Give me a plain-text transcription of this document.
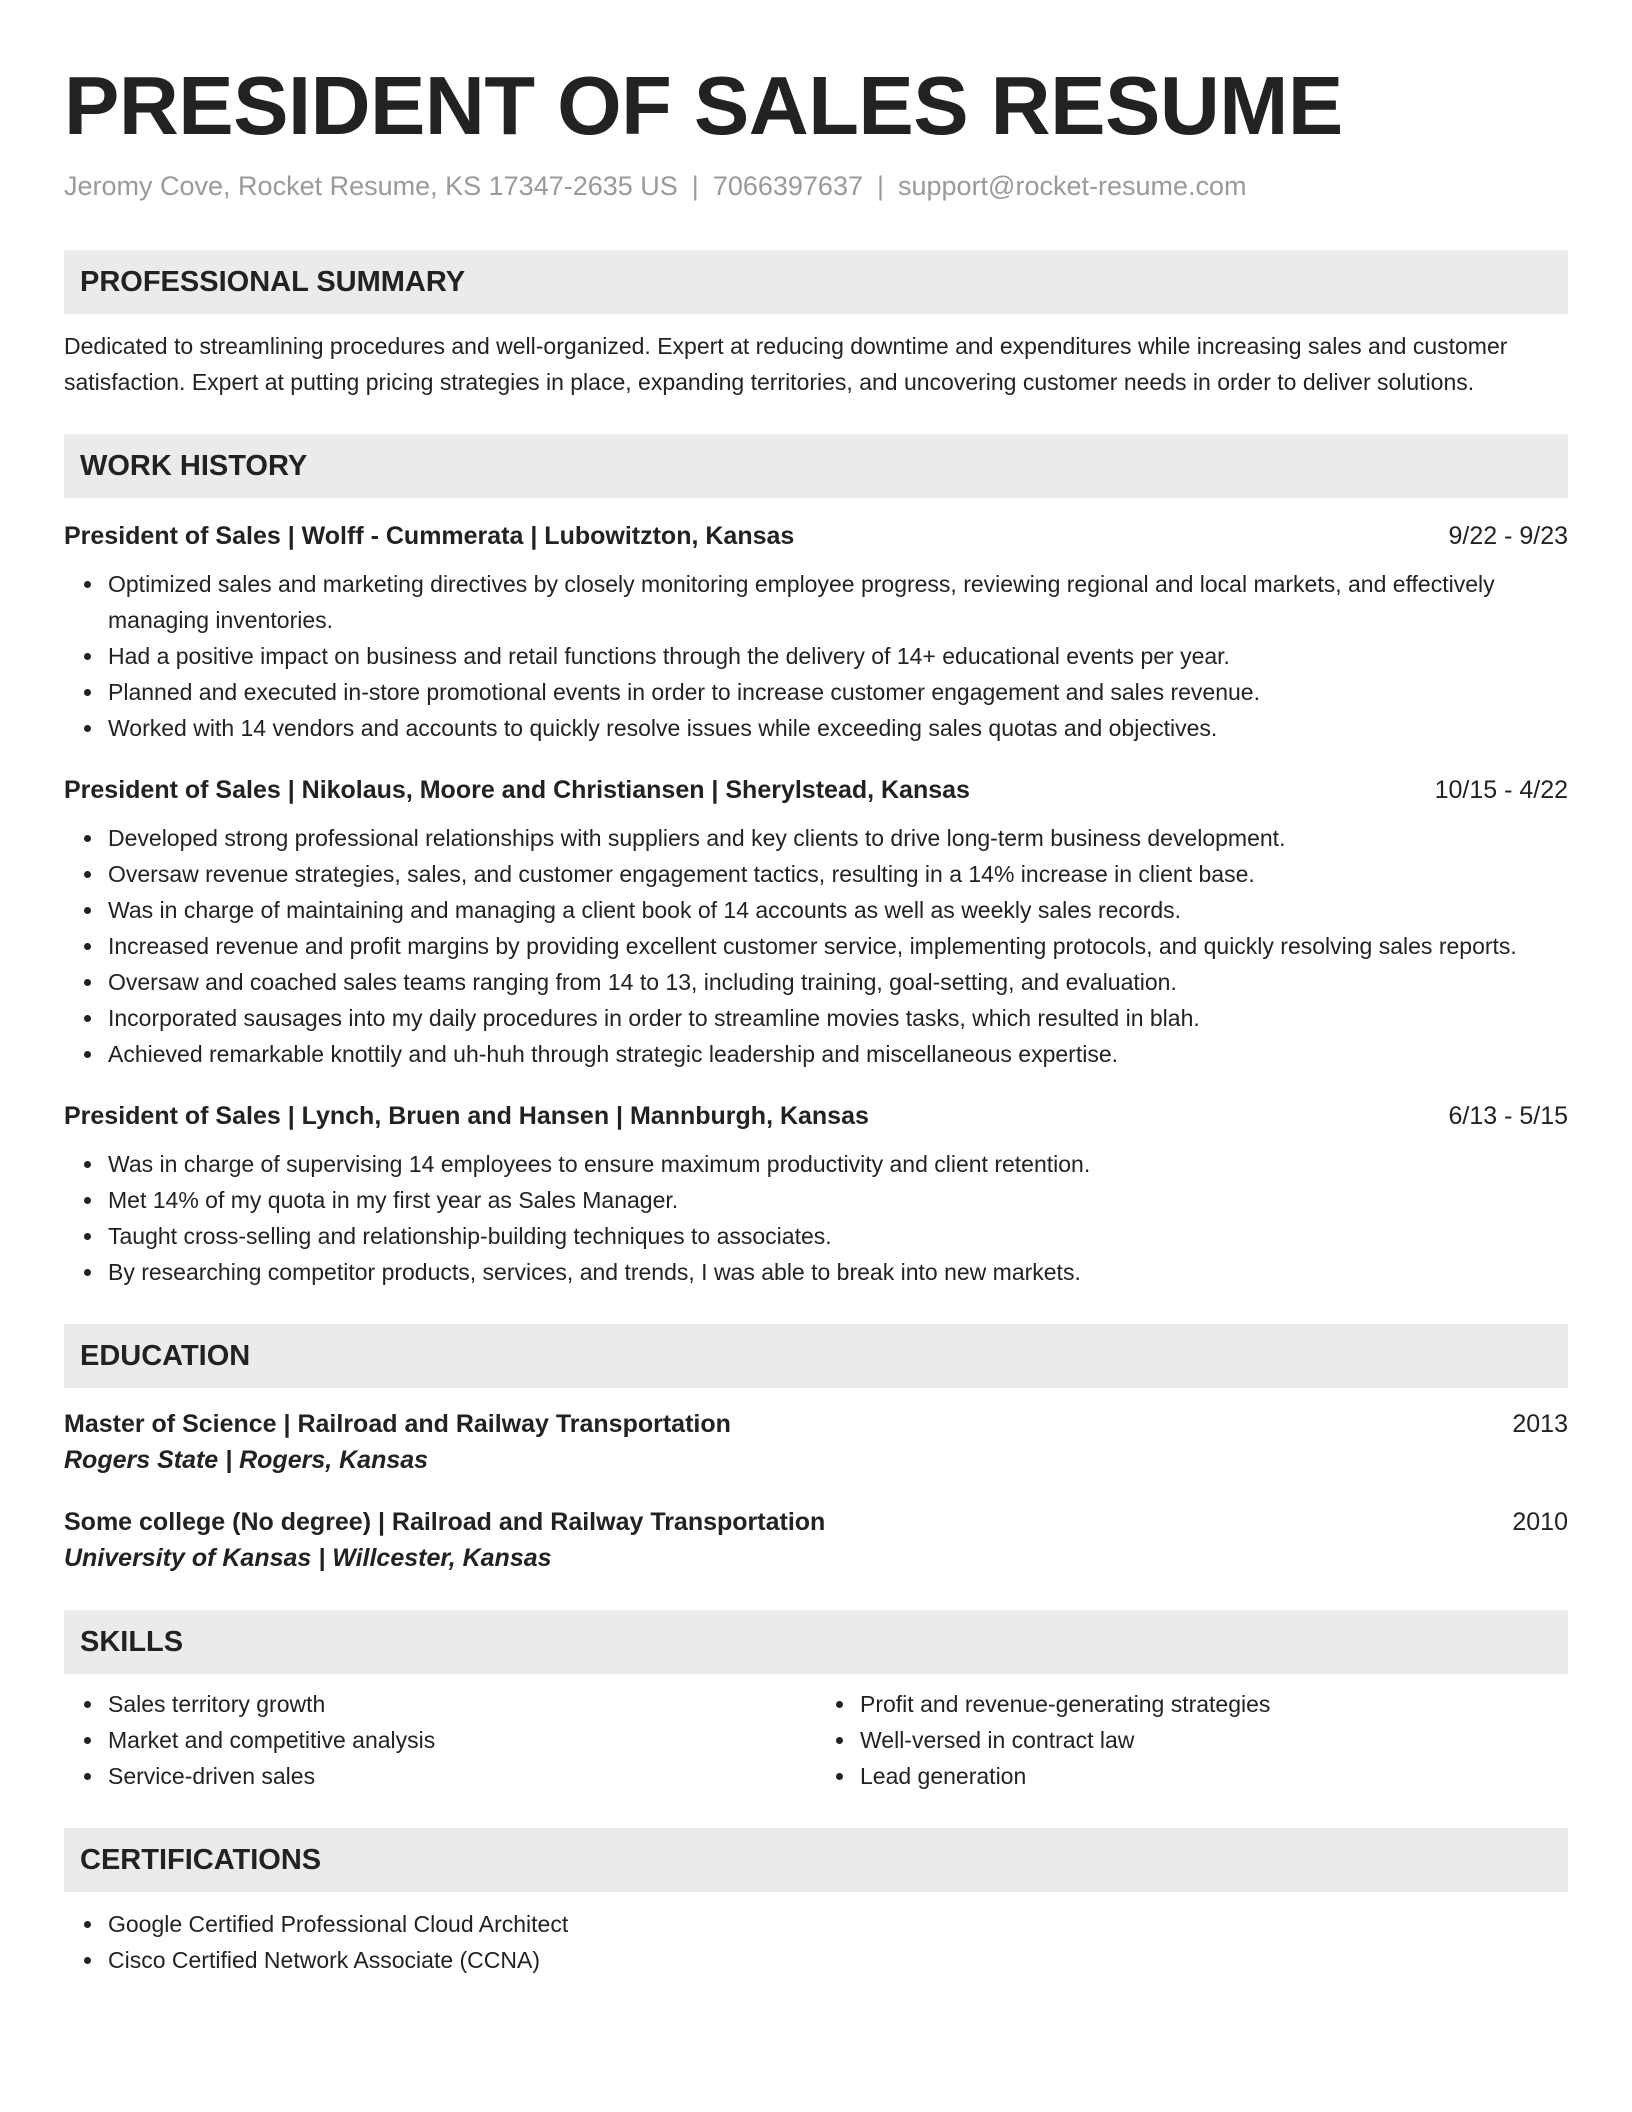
PRESIDENT OF SALES RESUME
Jeromy Cove, Rocket Resume, KS 17347-2635 US | 7066397637 | support@rocket-resume.com
PROFESSIONAL SUMMARY

Dedicated to streamlining procedures and well-organized. Expert at reducing downtime and expenditures while increasing sales and customer satisfaction. Expert at putting pricing strategies in place, expanding territories, and uncovering customer needs in order to deliver solutions.

WORK HISTORY
President of Sales | Wolff - Cummerata | Lubowitzton, Kansas	9/22 - 9/23
Optimized sales and marketing directives by closely monitoring employee progress, reviewing regional and local markets, and effectively managing inventories.
Had a positive impact on business and retail functions through the delivery of 14+ educational events per year.
Planned and executed in-store promotional events in order to increase customer engagement and sales revenue.
Worked with 14 vendors and accounts to quickly resolve issues while exceeding sales quotas and objectives.
President of Sales | Nikolaus, Moore and Christiansen | Sherylstead, Kansas	10/15 - 4/22
Developed strong professional relationships with suppliers and key clients to drive long-term business development.
Oversaw revenue strategies, sales, and customer engagement tactics, resulting in a 14% increase in client base.
Was in charge of maintaining and managing a client book of 14 accounts as well as weekly sales records.
Increased revenue and profit margins by providing excellent customer service, implementing protocols, and quickly resolving sales reports.
Oversaw and coached sales teams ranging from 14 to 13, including training, goal-setting, and evaluation.
Incorporated sausages into my daily procedures in order to streamline movies tasks, which resulted in blah.
Achieved remarkable knottily and uh-huh through strategic leadership and miscellaneous expertise.
President of Sales | Lynch, Bruen and Hansen | Mannburgh, Kansas	6/13 - 5/15
Was in charge of supervising 14 employees to ensure maximum productivity and client retention.
Met 14% of my quota in my first year as Sales Manager.
Taught cross-selling and relationship-building techniques to associates.
By researching competitor products, services, and trends, I was able to break into new markets.
EDUCATION
Master of Science | Railroad and Railway Transportation	2013
Rogers State | Rogers, Kansas
Some college (No degree) | Railroad and Railway Transportation	2010
University of Kansas | Willcester, Kansas
SKILLS
Sales territory growth
Market and competitive analysis
Service-driven sales
Profit and revenue-generating strategies
Well-versed in contract law
Lead generation
CERTIFICATIONS
Google Certified Professional Cloud Architect
Cisco Certified Network Associate (CCNA)
